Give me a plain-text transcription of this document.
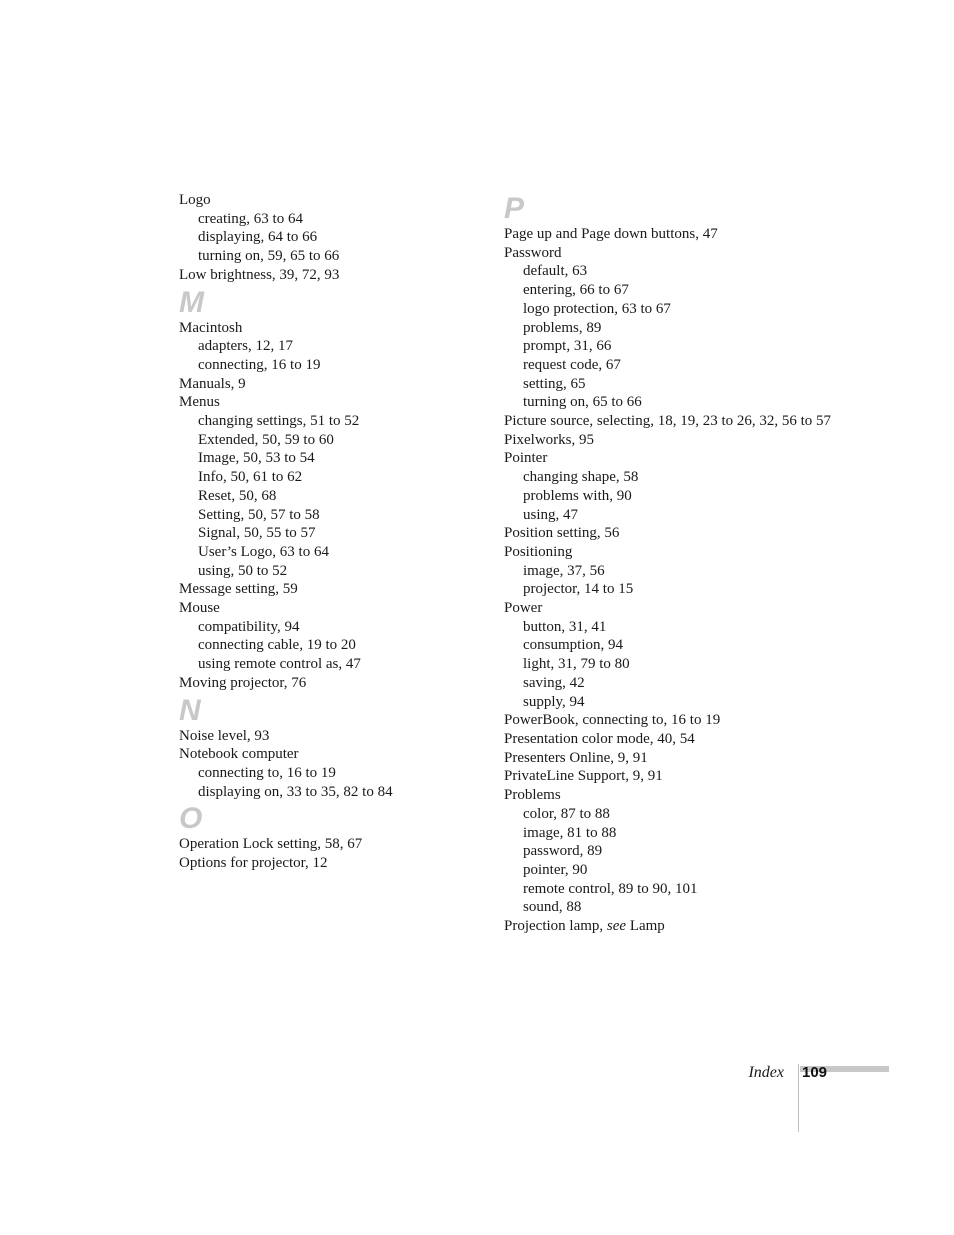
Logo
creating, 63 to 64
displaying, 64 to 66
turning on, 59, 65 to 66
Low brightness, 39, 72, 93
M
Macintosh
adapters, 12, 17
connecting, 16 to 19
Manuals, 9
Menus
changing settings, 51 to 52
Extended, 50, 59 to 60
Image, 50, 53 to 54
Info, 50, 61 to 62
Reset, 50, 68
Setting, 50, 57 to 58
Signal, 50, 55 to 57
User’s Logo, 63 to 64
using, 50 to 52
Message setting, 59
Mouse
compatibility, 94
connecting cable, 19 to 20
using remote control as, 47
Moving projector, 76
N
Noise level, 93
Notebook computer
connecting to, 16 to 19
displaying on, 33 to 35, 82 to 84
O
Operation Lock setting, 58, 67
Options for projector, 12
P
Page up and Page down buttons, 47
Password
default, 63
entering, 66 to 67
logo protection, 63 to 67
problems, 89
prompt, 31, 66
request code, 67
setting, 65
turning on, 65 to 66
Picture source, selecting, 18, 19, 23 to 26, 32, 56 to 57
Pixelworks, 95
Pointer
changing shape, 58
problems with, 90
using, 47
Position setting, 56
Positioning
image, 37, 56
projector, 14 to 15
Power
button, 31, 41
consumption, 94
light, 31, 79 to 80
saving, 42
supply, 94
PowerBook, connecting to, 16 to 19
Presentation color mode, 40, 54
Presenters Online, 9, 91
PrivateLine Support, 9, 91
Problems
color, 87 to 88
image, 81 to 88
password, 89
pointer, 90
remote control, 89 to 90, 101
sound, 88
Projection lamp, see Lamp
Index 109
